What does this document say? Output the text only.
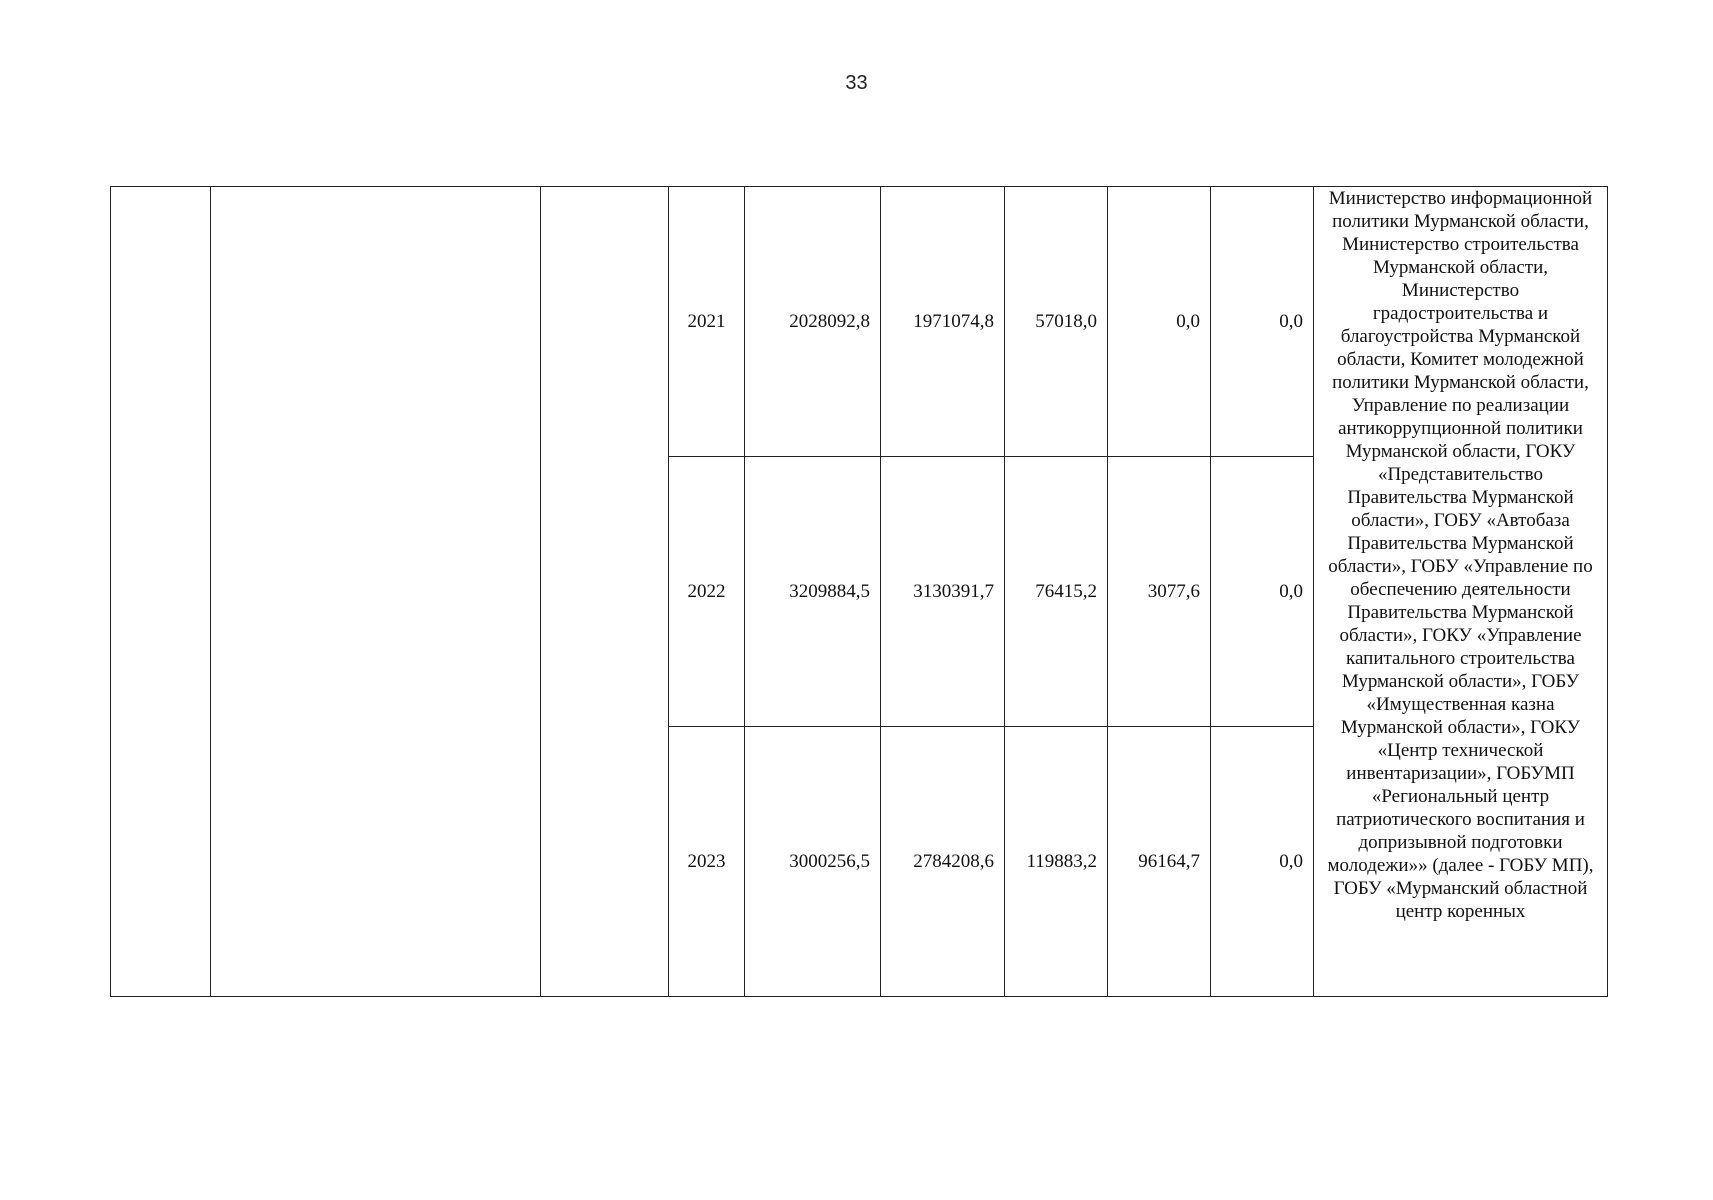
33
			2021	2028092,8	1971074,8	57018,0	0,0	0,0	Министерство информационной политики Мурманской области, Министерство строительства Мурманской области, Министерство градостроительства и благоустройства Мурманской области, Комитет молодежной политики Мурманской области, Управление по реализации антикоррупционной политики Мурманской области, ГОКУ «Представительство Правительства Мурманской области», ГОБУ «Автобаза Правительства Мурманской области», ГОБУ «Управление по обеспечению деятельности Правительства Мурманской области», ГОКУ «Управление капитального строительства Мурманской области», ГОБУ «Имущественная казна Мурманской области», ГОКУ «Центр технической инвентаризации», ГОБУМП «Региональный центр патриотического воспитания и допризывной подготовки молодежи»» (далее - ГОБУ МП), ГОБУ «Мурманский областной центр коренных
			2022	3209884,5	3130391,7	76415,2	3077,6	0,0	
			2023	3000256,5	2784208,6	119883,2	96164,7	0,0	
